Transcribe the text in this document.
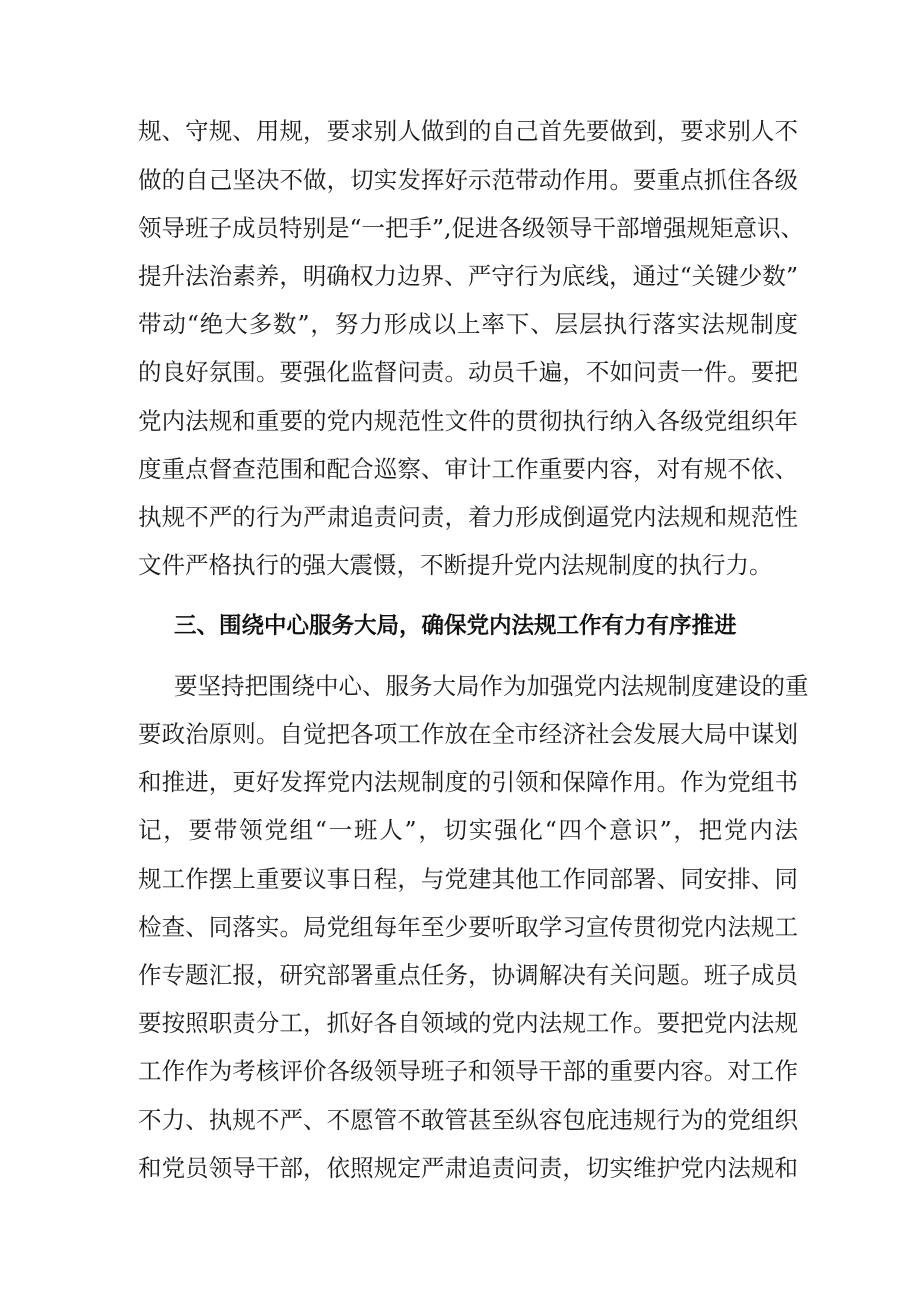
规、守规、用规，要求别人做到的自己首先要做到，要求别人不
做的自己坚决不做，切实发挥好示范带动作用。要重点抓住各级
领导班子成员特别是“一把手”,促进各级领导干部增强规矩意识、
提升法治素养，明确权力边界、严守行为底线，通过“关键少数”
带动“绝大多数”，努力形成以上率下、层层执行落实法规制度
的良好氛围。要强化监督问责。动员千遍，不如问责一件。要把
党内法规和重要的党内规范性文件的贯彻执行纳入各级党组织年
度重点督查范围和配合巡察、审计工作重要内容，对有规不依、
执规不严的行为严肃追责问责，着力形成倒逼党内法规和规范性
文件严格执行的强大震慑，不断提升党内法规制度的执行力。
三、围绕中心服务大局，确保党内法规工作有力有序推进
要坚持把围绕中心、服务大局作为加强党内法规制度建设的重
要政治原则。自觉把各项工作放在全市经济社会发展大局中谋划
和推进，更好发挥党内法规制度的引领和保障作用。作为党组书
记，要带领党组“一班人”，切实强化“四个意识”，把党内法
规工作摆上重要议事日程，与党建其他工作同部署、同安排、同
检查、同落实。局党组每年至少要听取学习宣传贯彻党内法规工
作专题汇报，研究部署重点任务，协调解决有关问题。班子成员
要按照职责分工，抓好各自领域的党内法规工作。要把党内法规
工作作为考核评价各级领导班子和领导干部的重要内容。对工作
不力、执规不严、不愿管不敢管甚至纵容包庇违规行为的党组织
和党员领导干部，依照规定严肃追责问责，切实维护党内法规和
